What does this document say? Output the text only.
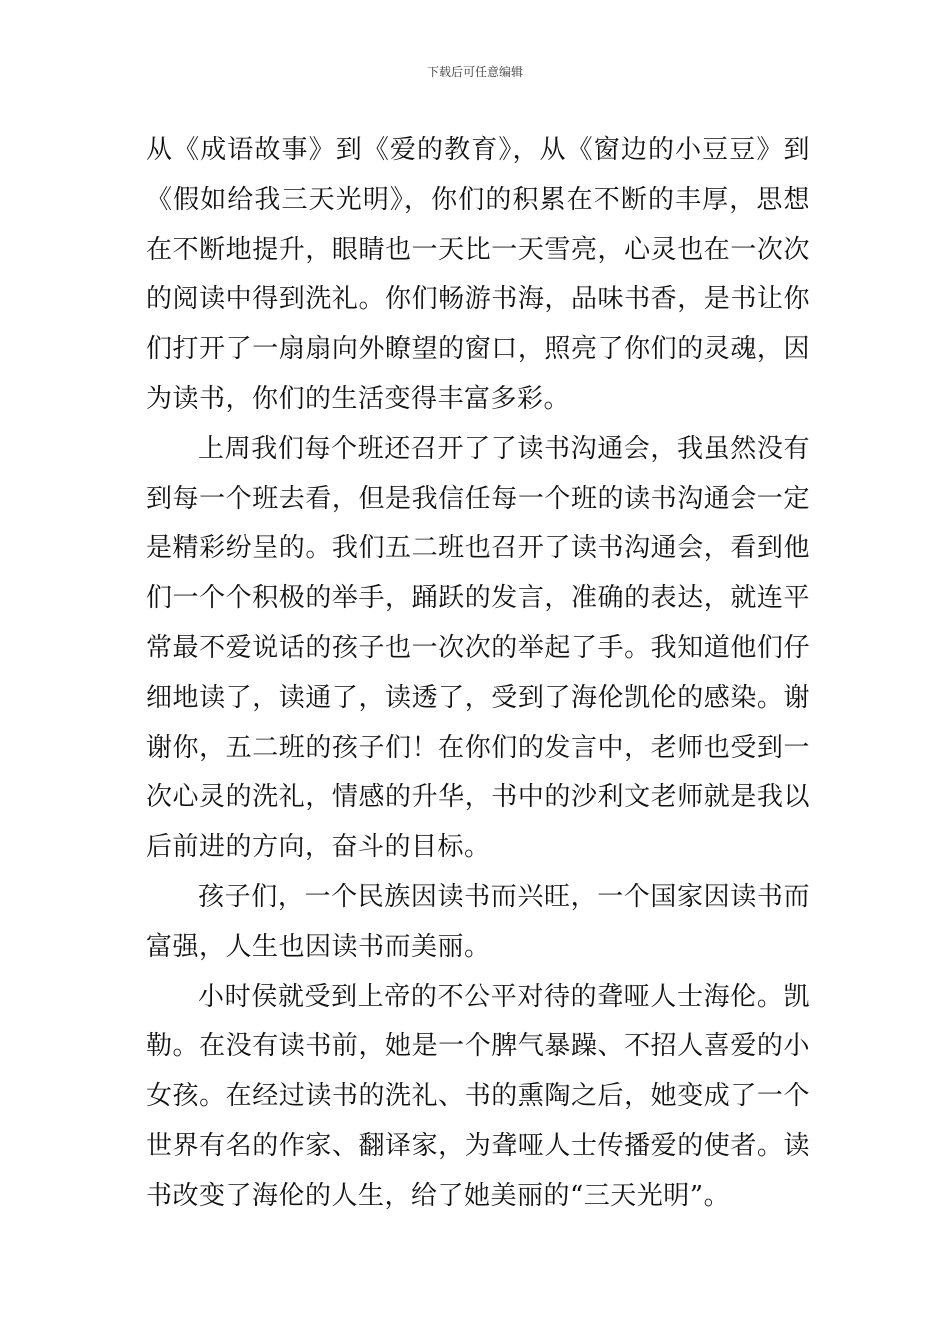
下载后可任意编辑

从《成语故事》到《爱的教育》，从《窗边的小豆豆》到《假如给我三天光明》，你们的积累在不断的丰厚，思想在不断地提升，眼睛也一天比一天雪亮，心灵也在一次次的阅读中得到洗礼。你们畅游书海，品味书香，是书让你们打开了一扇扇向外瞭望的窗口，照亮了你们的灵魂，因为读书，你们的生活变得丰富多彩。

上周我们每个班还召开了了读书沟通会，我虽然没有到每一个班去看，但是我信任每一个班的读书沟通会一定是精彩纷呈的。我们五二班也召开了读书沟通会，看到他们一个个积极的举手，踊跃的发言，准确的表达，就连平常最不爱说话的孩子也一次次的举起了手。我知道他们仔细地读了，读通了，读透了，受到了海伦凯伦的感染。谢谢你，五二班的孩子们！在你们的发言中，老师也受到一次心灵的洗礼，情感的升华，书中的沙利文老师就是我以后前进的方向，奋斗的目标。

孩子们，一个民族因读书而兴旺，一个国家因读书而富强，人生也因读书而美丽。

小时侯就受到上帝的不公平对待的聋哑人士海伦。凯勒。在没有读书前，她是一个脾气暴躁、不招人喜爱的小女孩。在经过读书的洗礼、书的熏陶之后，她变成了一个世界有名的作家、翻译家，为聋哑人士传播爱的使者。读书改变了海伦的人生，给了她美丽的“三天光明”。
